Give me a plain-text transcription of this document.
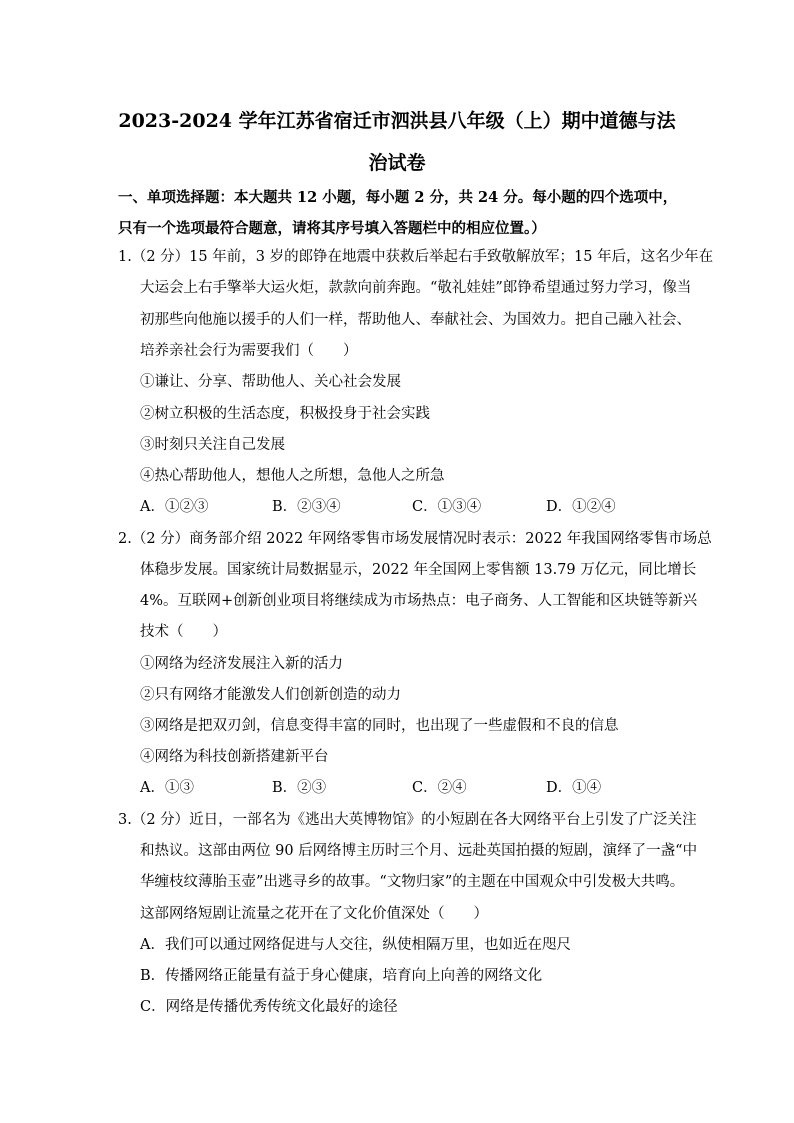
2023-2024 学年江苏省宿迁市泗洪县八年级（上）期中道德与法
治试卷
一、单项选择题：本大题共 12 小题，每小题 2 分，共 24 分。每小题的四个选项中，只有一个选项最符合题意，请将其序号填入答题栏中的相应位置。）
1.（2 分）15 年前，3 岁的郎铮在地震中获救后举起右手致敬解放军；15 年后，这名少年在
大运会上右手擎举大运火炬，款款向前奔跑。“敬礼娃娃”郎铮希望通过努力学习，像当
初那些向他施以援手的人们一样，帮助他人、奉献社会、为国效力。把自己融入社会、
培养亲社会行为需要我们（　　）
①谦让、分享、帮助他人、关心社会发展
②树立积极的生活态度，积极投身于社会实践
③时刻只关注自己发展
④热心帮助他人，想他人之所想，急他人之所急
A．①②③	B．②③④	C．①③④	D．①②④
2.（2 分）商务部介绍 2022 年网络零售市场发展情况时表示：2022 年我国网络零售市场总
体稳步发展。国家统计局数据显示，2022 年全国网上零售额 13.79 万亿元，同比增长
4%。互联网+创新创业项目将继续成为市场热点：电子商务、人工智能和区块链等新兴
技术（　　）
①网络为经济发展注入新的活力
②只有网络才能激发人们创新创造的动力
③网络是把双刃剑，信息变得丰富的同时，也出现了一些虚假和不良的信息
④网络为科技创新搭建新平台
A．①③	B．②③	C．②④	D．①④
3.（2 分）近日，一部名为《逃出大英博物馆》的小短剧在各大网络平台上引发了广泛关注
和热议。这部由两位 90 后网络博主历时三个月、远赴英国拍摄的短剧，演绎了一盏“中
华缠枝纹薄胎玉壶”出逃寻乡的故事。“文物归家”的主题在中国观众中引发极大共鸣。
这部网络短剧让流量之花开在了文化价值深处（　　）
A．我们可以通过网络促进与人交往，纵使相隔万里，也如近在咫尺
B．传播网络正能量有益于身心健康，培育向上向善的网络文化
C．网络是传播优秀传统文化最好的途径
